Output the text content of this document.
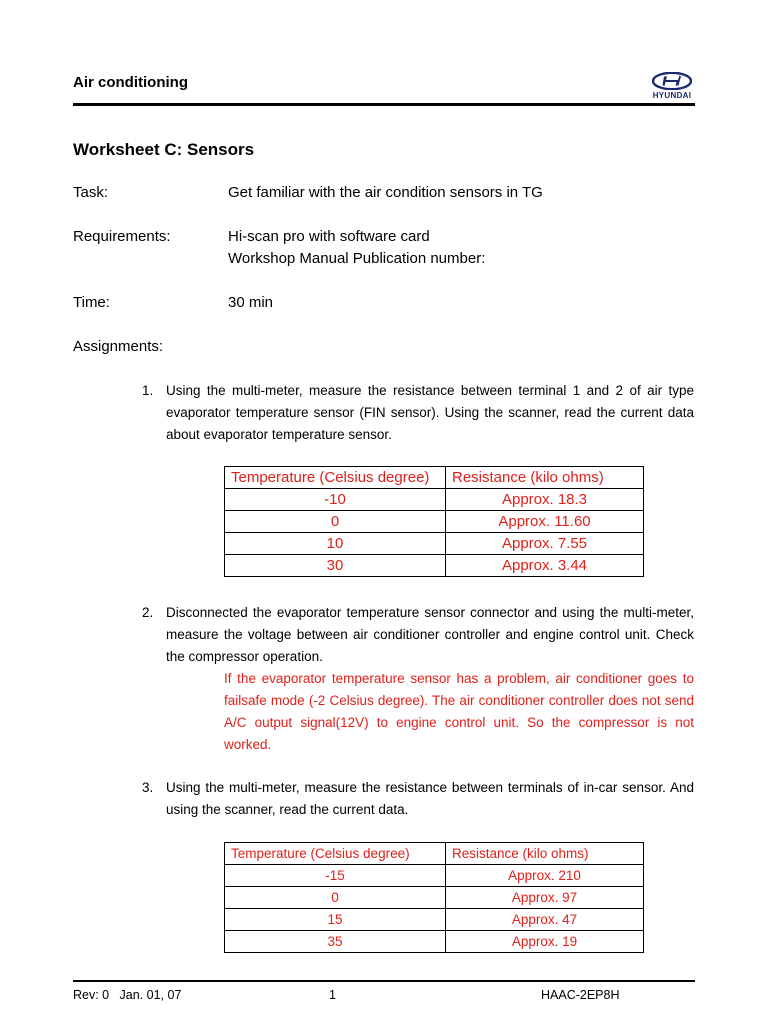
Air conditioning
HYUNDAI
Worksheet C: Sensors
Task:	Get familiar with the air condition sensors in TG
Requirements:	Hi-scan pro with software card
Workshop Manual Publication number:
Time:	30 min
Assignments:
1. Using the multi-meter, measure the resistance between terminal 1 and 2 of air type evaporator temperature sensor (FIN sensor). Using the scanner, read the current data about evaporator temperature sensor.
Temperature (Celsius degree)	Resistance (kilo ohms)
-10	Approx. 18.3
0	Approx. 11.60
10	Approx. 7.55
30	Approx. 3.44
2. Disconnected the evaporator temperature sensor connector and using the multi-meter, measure the voltage between air conditioner controller and engine control unit. Check the compressor operation.
If the evaporator temperature sensor has a problem, air conditioner goes to failsafe mode (-2 Celsius degree). The air conditioner controller does not send A/C output signal(12V) to engine control unit. So the compressor is not worked.
3. Using the multi-meter, measure the resistance between terminals of in-car sensor. And using the scanner, read the current data.
Temperature (Celsius degree)	Resistance (kilo ohms)
-15	Approx. 210
0	Approx. 97
15	Approx. 47
35	Approx. 19
Rev: 0   Jan. 01, 07	1	HAAC-2EP8H
